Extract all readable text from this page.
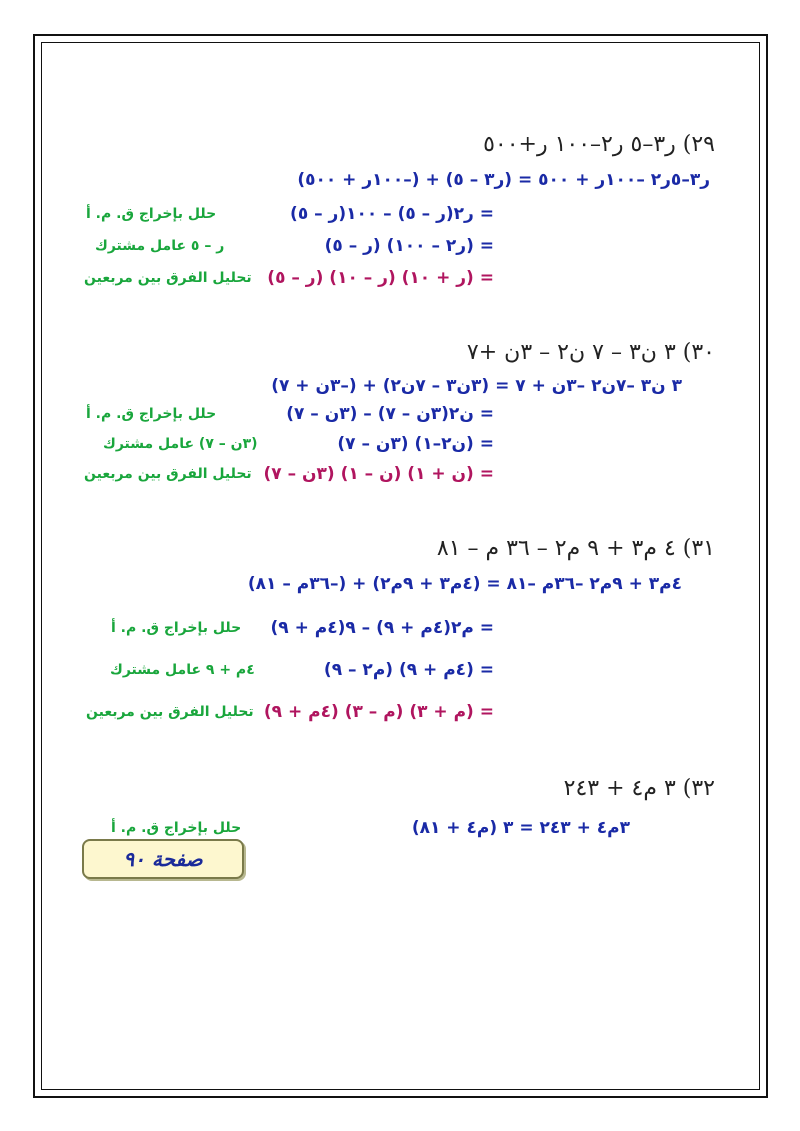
٢٩) ر٣–٥ ر٢–١٠٠ ر+٥٠٠
ر٣–٥ر٢ –١٠٠ر + ٥٠٠ = (ر٣ – ٥) + (–١٠٠ر + ٥٠٠)
= ر٢(ر – ٥) – ١٠٠(ر – ٥)
حلل بإخراج ق. م. أ
= (ر٢ – ١٠٠) (ر – ٥)
ر – ٥ عامل مشترك
= (ر + ١٠) (ر – ١٠) (ر – ٥)
تحليل الفرق بين مربعين
٣٠) ٣ ن٣ – ٧ ن٢ – ٣ن +٧
٣ ن٣ –٧ن٢ –٣ن + ٧ = (٣ن٣ – ٧ن٢) + (–٣ن + ٧)
= ن٢(٣ن – ٧) – (٣ن – ٧)
حلل بإخراج ق. م. أ
= (ن٢–١) (٣ن – ٧)
(٣ن – ٧) عامل مشترك
= (ن + ١) (ن – ١) (٣ن – ٧)
تحليل الفرق بين مربعين
٣١) ٤ م٣ + ٩ م٢ – ٣٦ م – ٨١
٤م٣ + ٩م٢ –٣٦م –٨١ = (٤م٣ + ٩م٢) + (–٣٦م – ٨١)
= م٢(٤م + ٩) – ٩(٤م + ٩)
حلل بإخراج ق. م. أ
= (٤م + ٩) (م٢ – ٩)
٤م + ٩ عامل مشترك
= (م + ٣) (م – ٣) (٤م + ٩)
تحليل الفرق بين مربعين
٣٢) ٣ م٤ + ٢٤٣
٣م٤ + ٢٤٣ = ٣ (م٤ + ٨١)
حلل بإخراج ق. م. أ
صفحة ٩٠
